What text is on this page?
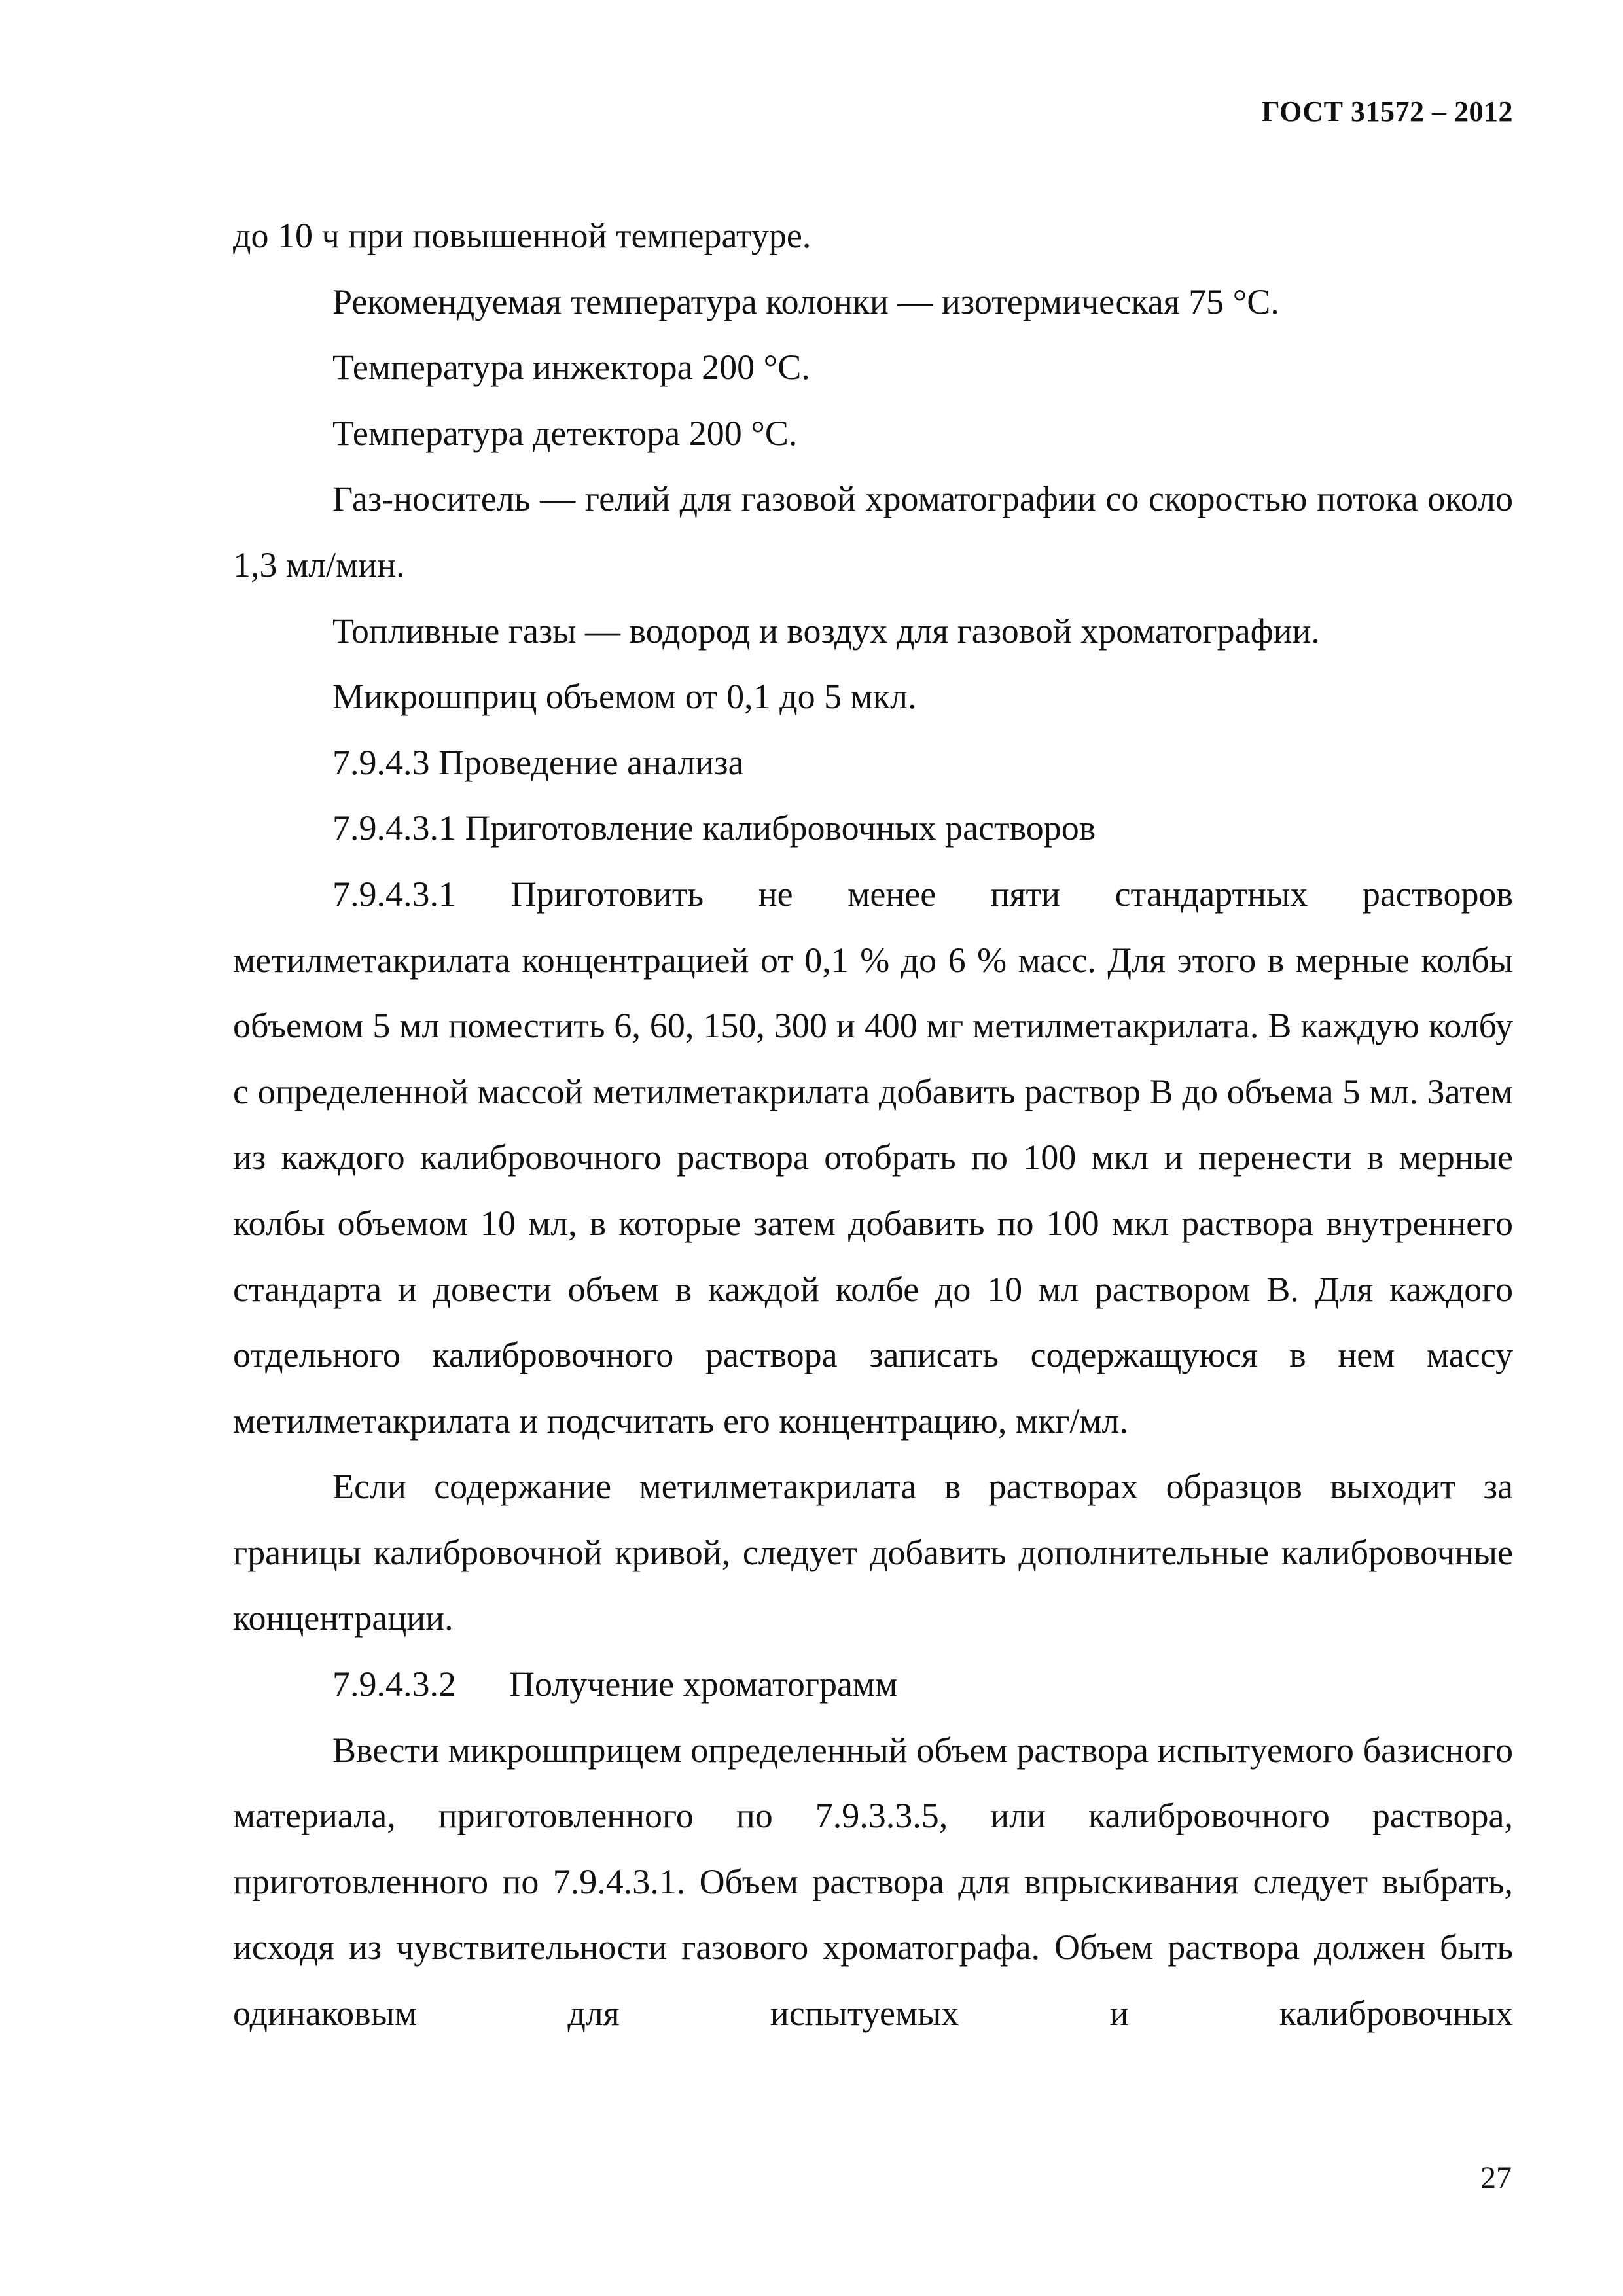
ГОСТ 31572 – 2012

до 10 ч при повышенной температуре.

Рекомендуемая температура колонки — изотермическая 75 °С.

Температура инжектора 200 °С.

Температура детектора 200 °С.

Газ-носитель — гелий для газовой хроматографии со скоростью потока около 1,3 мл/мин.

Топливные газы — водород и воздух для газовой хроматографии.

Микрошприц объемом от 0,1 до 5 мкл.

7.9.4.3 Проведение анализа

7.9.4.3.1 Приготовление калибровочных растворов

7.9.4.3.1 Приготовить не менее пяти стандартных растворов метилметакрилата концентрацией от 0,1 % до 6 % масс. Для этого в мерные колбы объемом 5 мл поместить 6, 60, 150, 300 и 400 мг метилметакрилата. В каждую колбу с определенной массой метилметакрилата добавить раствор В до объема 5 мл. Затем из каждого калибровочного раствора отобрать по 100 мкл и перенести в мерные колбы объемом 10 мл, в которые затем добавить по 100 мкл раствора внутреннего стандарта и довести объем в каждой колбе до 10 мл раствором В. Для каждого отдельного калибровочного раствора записать содержащуюся в нем массу метилметакрилата и подсчитать его концентрацию, мкг/мл.

Если содержание метилметакрилата в растворах образцов выходит за границы калибровочной кривой, следует добавить дополнительные калибровочные концентрации.

7.9.4.3.2      Получение хроматограмм

Ввести микрошприцем определенный объем раствора испытуемого базисного материала, приготовленного по 7.9.3.3.5, или калибровочного раствора, приготовленного по 7.9.4.3.1. Объем раствора для впрыскивания следует выбрать, исходя из чувствительности газового хроматографа. Объем раствора должен быть одинаковым для испытуемых и калибровочных

27
